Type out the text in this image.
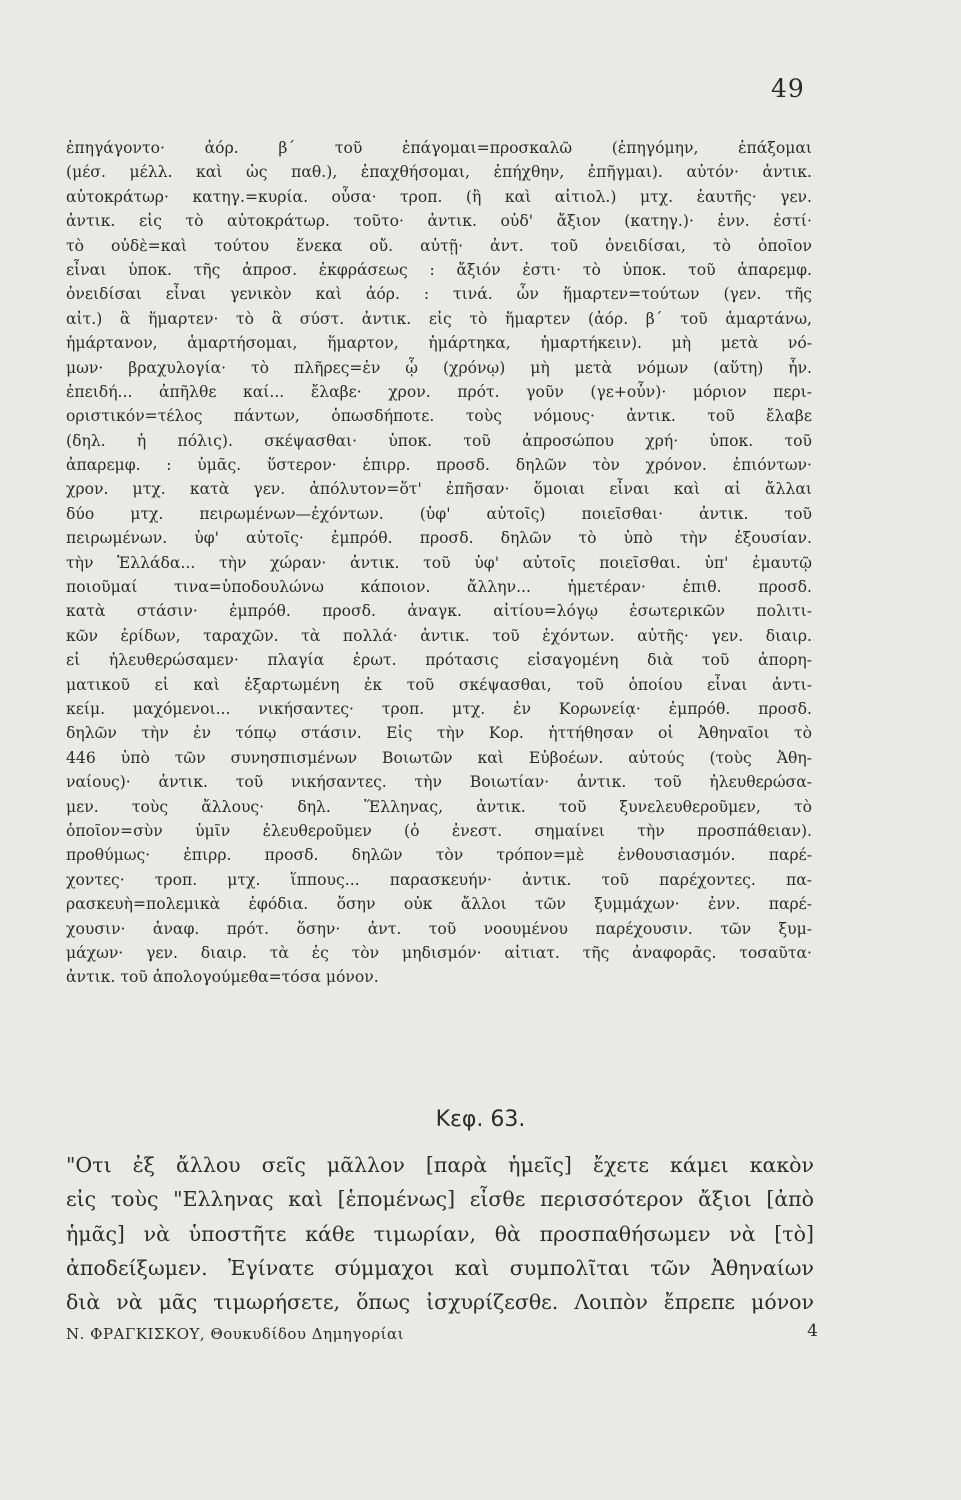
49
ἐπηγάγοντο· ἀόρ. β΄ τοῦ ἐπάγομαι=προσκαλῶ (ἐπηγόμην, ἐπάξομαι
(μέσ. μέλλ. καὶ ὡς παθ.), ἐπαχθήσομαι, ἐπήχθην, ἐπῆγμαι). αὐτόν· ἀντικ.
αὐτοκράτωρ· κατηγ.=κυρία. οὖσα· τροπ. (ἢ καὶ αἰτιολ.) μτχ. ἑαυτῆς· γεν.
ἀντικ. εἰς τὸ αὐτοκράτωρ. τοῦτο· ἀντικ. οὐδ' ἄξιον (κατηγ.)· ἐνν. ἐστί·
τὸ οὐδὲ=καὶ τούτου ἕνεκα οὔ. αὐτῇ· ἀντ. τοῦ ὀνειδίσαι, τὸ ὁποῖον
εἶναι ὑποκ. τῆς ἀπροσ. ἐκφράσεως : ἄξιόν ἐστι· τὸ ὑποκ. τοῦ ἀπαρεμφ.
ὀνειδίσαι εἶναι γενικὸν καὶ ἀόρ. : τινά. ὧν ἥμαρτεν=τούτων (γεν. τῆς
αἰτ.) ἃ ἥμαρτεν· τὸ ἃ σύστ. ἀντικ. εἰς τὸ ἥμαρτεν (ἀόρ. β΄ τοῦ ἁμαρτάνω,
ἡμάρτανον, ἁμαρτήσομαι, ἥμαρτον, ἡμάρτηκα, ἡμαρτήκειν). μὴ μετὰ νό-
μων· βραχυλογία· τὸ πλῆρες=ἐν ᾧ (χρόνῳ) μὴ μετὰ νόμων (αὕτη) ἦν.
ἐπειδή... ἀπῆλθε καί... ἔλαβε· χρον. πρότ. γοῦν (γε+οὖν)· μόριον περι-
οριστικόν=τέλος πάντων, ὁπωσδήποτε. τοὺς νόμους· ἀντικ. τοῦ ἔλαβε
(δηλ. ἡ πόλις). σκέψασθαι· ὑποκ. τοῦ ἀπροσώπου χρή· ὑποκ. τοῦ
ἀπαρεμφ. : ὑμᾶς. ὕστερον· ἐπιρρ. προσδ. δηλῶν τὸν χρόνον. ἐπιόντων·
χρον. μτχ. κατὰ γεν. ἀπόλυτον=ὅτ' ἐπῆσαν· ὅμοιαι εἶναι καὶ αἱ ἄλλαι
δύο μτχ. πειρωμένων—ἐχόντων. (ὑφ' αὐτοῖς) ποιεῖσθαι· ἀντικ. τοῦ
πειρωμένων. ὑφ' αὐτοῖς· ἐμπρόθ. προσδ. δηλῶν τὸ ὑπὸ τὴν ἐξουσίαν.
τὴν Ἑλλάδα... τὴν χώραν· ἀντικ. τοῦ ὑφ' αὐτοῖς ποιεῖσθαι. ὑπ' ἐμαυτῷ
ποιοῦμαί τινα=ὑποδουλώνω κάποιον. ἄλλην... ἡμετέραν· ἐπιθ. προσδ.
κατὰ στάσιν· ἐμπρόθ. προσδ. ἀναγκ. αἰτίου=λόγῳ ἐσωτερικῶν πολιτι-
κῶν ἐρίδων, ταραχῶν. τὰ πολλά· ἀντικ. τοῦ ἐχόντων. αὐτῆς· γεν. διαιρ.
εἰ ἠλευθερώσαμεν· πλαγία ἐρωτ. πρότασις εἰσαγομένη διὰ τοῦ ἀπορη-
ματικοῦ εἰ καὶ ἐξαρτωμένη ἐκ τοῦ σκέψασθαι, τοῦ ὁποίου εἶναι ἀντι-
κείμ. μαχόμενοι... νικήσαντες· τροπ. μτχ. ἐν Κορωνείᾳ· ἐμπρόθ. προσδ.
δηλῶν τὴν ἐν τόπῳ στάσιν. Εἰς τὴν Κορ. ἡττήθησαν οἱ Ἀθηναῖοι τὸ
446 ὑπὸ τῶν συνησπισμένων Βοιωτῶν καὶ Εὐβοέων. αὐτούς (τοὺς Ἀθη-
ναίους)· ἀντικ. τοῦ νικήσαντες. τὴν Βοιωτίαν· ἀντικ. τοῦ ἠλευθερώσα-
μεν. τοὺς ἄλλους· δηλ. Ἕλληνας, ἀντικ. τοῦ ξυνελευθεροῦμεν, τὸ
ὁποῖον=σὺν ὑμῖν ἐλευθεροῦμεν (ὁ ἐνεστ. σημαίνει τὴν προσπάθειαν).
προθύμως· ἐπιρρ. προσδ. δηλῶν τὸν τρόπον=μὲ ἐνθουσιασμόν. παρέ-
χοντες· τροπ. μτχ. ἵππους... παρασκευήν· ἀντικ. τοῦ παρέχοντες. πα-
ρασκευὴ=πολεμικὰ ἐφόδια. ὅσην οὐκ ἄλλοι τῶν ξυμμάχων· ἐνν. παρέ-
χουσιν· ἀναφ. πρότ. ὅσην· ἀντ. τοῦ νοουμένου παρέχουσιν. τῶν ξυμ-
μάχων· γεν. διαιρ. τὰ ἐς τὸν μηδισμόν· αἰτιατ. τῆς ἀναφορᾶς. τοσαῦτα·
ἀντικ. τοῦ ἀπολογούμεθα=τόσα μόνον.
Κεφ. 63.
"Οτι ἐξ ἄλλου σεῖς μᾶλλον [παρὰ ἡμεῖς] ἔχετε κάμει κακὸν
εἰς τοὺς "Ελληνας καὶ [ἑπομένως] εἶσθε περισσότερον ἄξιοι [ἀπὸ
ἡμᾶς] νὰ ὑποστῆτε κάθε τιμωρίαν, θὰ προσπαθήσωμεν νὰ [τὸ]
ἀποδείξωμεν. Ἐγίνατε σύμμαχοι καὶ συμπολῖται τῶν Ἀθηναίων
διὰ νὰ μᾶς τιμωρήσετε, ὅπως ἰσχυρίζεσθε. Λοιπὸν ἔπρεπε μόνον
Ν. ΦΡΑΓΚΙΣΚΟΥ, Θουκυδίδου Δημηγορίαι	4
